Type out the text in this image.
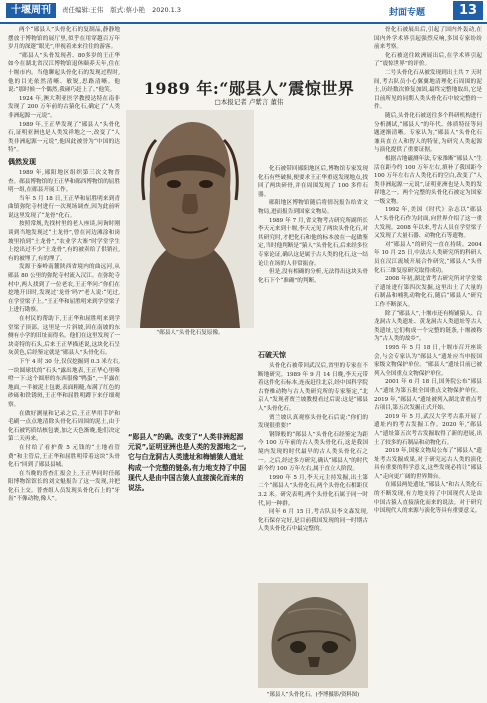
十堰周刊	责任编辑:王伟 版式:蔡小艳 2020.1.3	封面专题	13

两个“郧县人”头骨化石的复制品,静静地摆放于博物馆的展厅里,似乎在用穿越百万年岁月的深邃“眼光”,审视着来来往往的游客。

“郧县人”头骨发现者、80多岁的王正华如今在湖北省汉江博物馆退休颐养天年,住在十堰市内。当他聊起头骨化石的发现过程时,他的目光依然清晰、敏锐,思路清晰。他说:“那时候一个偶然,我碰巧赶上了。”他笑。

1924 年,澳大利亚医学教授达特在南非发现了 200 万年前的古猿化石,确定了“人类非洲起源一元说”。

1989 年,王正华发现了“郧县人”头骨化石,证明亚洲也是人类发祥地之一,改变了“人类非洲起源一元说”,他因此被誉为“中国的达特”。

偶然发现

1989 年,郧阳地区组织第三次文物普查。郧县博物馆的王正华和郧西博物馆的屈胜明一组,在郧县开展工作。

当年 5 月 18 日,王正华和屈胜明来到青曲镇弥陀寺村进行一次现场调查,因为此前听说这里发现了“龙骨”化石。

按照常规,先找村里的老人座谈,问询时刚谈到当地发现过“土龙骨”,曾在河边滩涂和岗坡里拾到“土龙骨”,“农业学大寨”时学堂学生上挖出过不少“土龙骨”,有的被卖给了供销社,有的被埋了,有的埋了。

发源于秦岭南麓陕西省境内的曲远河,从郧县 80 公里的弥陀寺村流入汉江。在弥陀寺村中,两人找到了一位老农,王正华问:“你们在挖地开田时,发现过‘龙骨’吗?”老人说:“见过,在学堂梁子上。”王正华和屈胜明来到学堂梁子上进行勘察。

在村民的帮助下,王正华和屈胜明来到学堂梁子顶部。这里是一片斜坡,因在南坡的东侧有小学的旧址而得名。他们在这里发现了一块奇特的石头,后来王正华描述说,这块化石呈灰黄色,后经鉴定就是“郧县人”头骨化石。

下午 4 时 30 分,仅仅挖掘到 0.3 米左右,一块圆球状的“石头”露出地表,王正华心里咯噔一下:这个圆形的东西很像“鸭蛋”,一半露在地面,一半被泥土包裹,表面粗糙,布满了红色的砂砾和铁锈斑,王正华和屈胜明蹲下来仔细观察。

在做好测量和记录之后,王正华用手铲和毛刷一点点地清除头骨化石周围的泥土,由于化石被钙质结核包裹,加之天色渐晚,他们决定第二天再来。

在付给了看护费 5 元钱的“土地看管费”和主管后,王正华和屈胜明带着这块“头骨化石”回到了郧县县城。

在当晚的普查汇报会上,王正华同时任郧阳博物馆馆长的刘文魁报告了这一发现,并把化石上交。普查组人员发现头骨化石上的“牙齿”不像动物,像人”。

1989 年:“郧县人”震惊世界
□本报记者 卢紫言 董伟
“郧县人”头骨化石复原像。
“郧县人”的确。改变了“人类非洲起源 元说”,证明亚洲也是人类的发源地之一,它与白龙洞古人类遗址和梅铺猿人遗址构成一个完整的链条,有力地支持了中国现代人是由中国古猿人直接演化而来的说法。

化石被带回郧阳地区后,博物馆专家发现化石有些破损,便要求王正华重返发现地点,找回了两块碎骨,并在周围发现了 100 多件石器。

郧阳地区博物馆随后将情况报告给省文物局,进而报告到国家文物局。

1989 年 7 月,省文物考古研究所副所长李天元来到十堰,李天元见了两块头骨化石,对其研究时,才把化石和他的标本放在一起做鉴定,当时他判断是“猿人”头骨化石,后来经多位专家论证,确认这是属于古人类的化石,这一结论让在场的人非常振奋。

但是,没有相确的分析,无法得出这块头骨化石下个“准确”的判断。

石破天惊

头骨化石被带回武汉后,省里的专家在不断地研究。1989 年 9 月 14 日晚,李天元带着这件化石标本,连夜赶往北京,经中国科学院古脊椎动物与古人类研究所的专家鉴定,“北京人”发现者贾兰坡教授看过后说:这是“郧县人”头骨化石。

贾兰坡认真观察头骨化石后说:“你们的发现很重要!”

钢锋般的“郧县人”头骨化石经鉴定为距今 100 万年前的古人类头骨化石,这是我国境内发现的时代最早的古人类头骨化石之一。之后,经过多方研究,确认“郧县人”的时代距今约 100 万年左右,属于直立人阶段。

1990 年 5 月,李天元主持发掘,出土第二个“郧县人”头骨化石,两个头骨化石相距仅 3.2 米。研究表明,两个头骨化石属于同一时代,同一种群。

同年 6 月 15 日,考古队员李文森发现,化石保存完好,是目前我国发现的同一时期古人类头骨化石中最完整的。

“郧县人”头骨化石。(李博摄影/资料图)

骨化石被展出后,引起了国内外轰动,在国内外学术界引起强烈反响,多国专家纷纷前来考察。

化石被送往欧洲展出后,在学术界引起了“震惊世界”的评价。

二号头骨化石从被发现到出土共 7 天时间,考古队员小心翼翼地清理化石周围的泥土,历经数次修复加固,最终完整地取出,它是目前所见的同期人类头骨化石中较完整的一件。

随后,头骨化石被送往多个科研机构进行分析测试,“郧县人”的年代、体质特征等问题逐渐清晰。专家认为,“郧县人”头骨化石兼具直立人和智人的特征,为研究人类起源与演化提供了重要证据。

根据古地磁测年法,专家推断“郧县人”生活在距今约 100 万年左右,填补了我国距今 100 万年左右古人类化石的空白,改变了“人类非洲起源一元说”,证明亚洲也是人类的发祥地之一。两个完整的头骨化石被定为国家一级文物。

1992 年,美国《时代》杂志以“郧县人”头骨化石作为封面,向世界介绍了这一重大发现。2008 年以来,考古人员在学堂梁子又发现了大量石器、动物化石等遗物。

对“郧县人”的研究一直在持续。2004 年 10 月 25 日,中法古人类研究所的科研人员在汉江流域开展合作研究,“郧县人”头骨化石三维复原研究取得成功。

2008 年初,湖北省考古研究所对学堂梁子遗址进行第四次发掘,这里出土了大量的石制品和哺乳动物化石,随后“郧县人”研究工作不断深入。

除了“郧县人”,十堰市还有梅铺猿人、白龙洞古人类遗址、黄龙洞古人类遗址等古人类遗址,它们构成一个完整的链条,十堰被称为“古人类的故乡”。

1995 年 5 月 18 日,十堰市召开座谈会,与会专家认为“郧县人”遗址应当申报国家级文物保护单位。“郧县人”遗址目前已被列入全国重点文物保护单位。

2001 年 6 月 18 日,国务院公布“郧县人”遗址为第五批全国重点文物保护单位。2019 年,“郧县人”遗址被列入湖北省重点考古项目,第五次发掘正式开始。

2019 年 5 月,武汉大学考古系开展了遗址内的考古发掘工作。2020 年,“郧县人”遗址第五次考古发掘取得了新的进展,出土了较多的石制品和动物化石。

2019 年,国家文物局公布了“郧县人”遗址考古发掘成果,对于研究远古人类的演化具有重要的科学意义,这些发现必将让“郧县人”走向更广阔的世界舞台。

在郧县两处遗址,“郧县人”和古人类化石的不断发现,有力地支持了中国现代人是由中国古猿人直接演化而来的说法。对于研究中国现代人的来源与演化等具有重要意义。
